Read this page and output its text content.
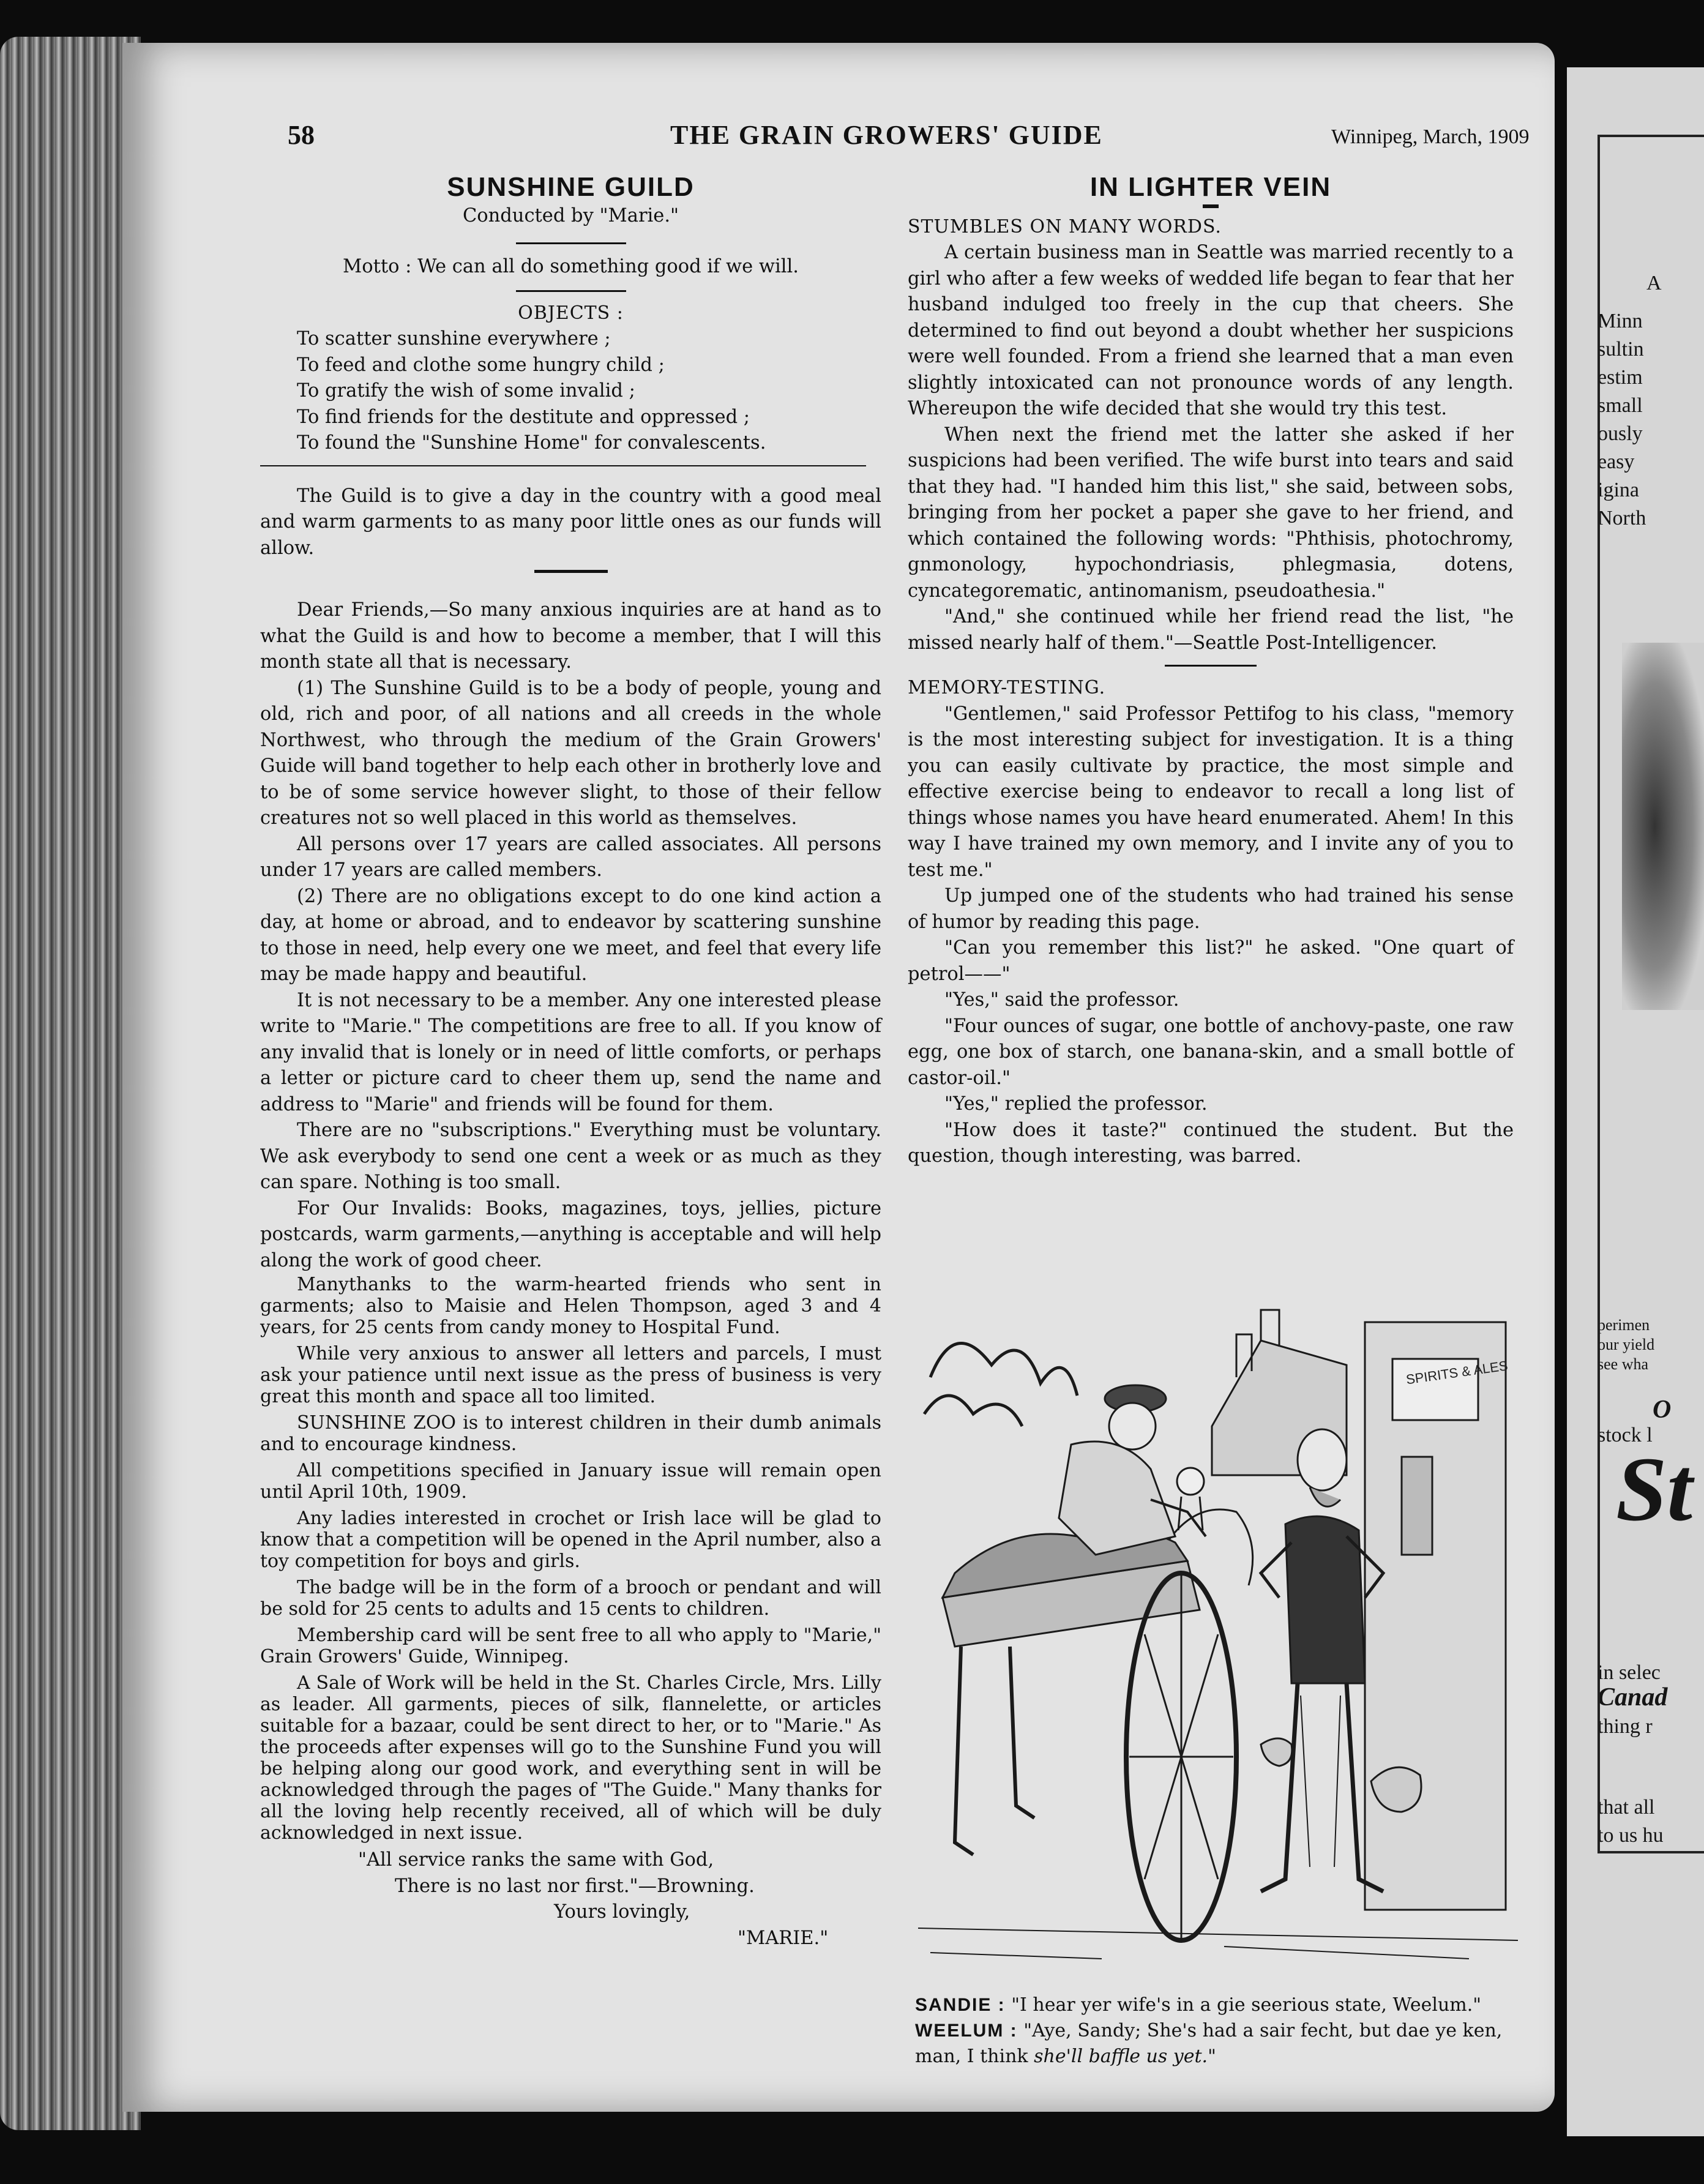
A
Minn
sultin
estim
small
ously
easy
igina
North
perimen
our yield
see wha
O
stock l
St
in selec
Canad
thing r
that all
to us hu
58	THE GRAIN GROWERS' GUIDE	Winnipeg, March, 1909
SUNSHINE GUILD

Conducted by "Marie."

Motto : We can all do something good if we will.

OBJECTS :

To scatter sunshine everywhere ;

To feed and clothe some hungry child ;

To gratify the wish of some invalid ;

To find friends for the destitute and oppressed ;

To found the "Sunshine Home" for convalescents.

The Guild is to give a day in the country with a good meal and warm garments to as many poor little ones as our funds will allow.

Dear Friends,—So many anxious inquiries are at hand as to what the Guild is and how to become a member, that I will this month state all that is necessary.

(1) The Sunshine Guild is to be a body of people, young and old, rich and poor, of all nations and all creeds in the whole Northwest, who through the medium of the Grain Growers' Guide will band together to help each other in brotherly love and to be of some service however slight, to those of their fellow creatures not so well placed in this world as themselves.

All persons over 17 years are called associates. All persons under 17 years are called members.

(2) There are no obligations except to do one kind action a day, at home or abroad, and to endeavor by scattering sunshine to those in need, help every one we meet, and feel that every life may be made happy and beautiful.

It is not necessary to be a member. Any one interested please write to "Marie." The competitions are free to all. If you know of any invalid that is lonely or in need of little comforts, or perhaps a letter or picture card to cheer them up, send the name and address to "Marie" and friends will be found for them.

There are no "subscriptions." Everything must be voluntary. We ask everybody to send one cent a week or as much as they can spare. Nothing is too small.

For Our Invalids: Books, magazines, toys, jellies, picture postcards, warm garments,—anything is acceptable and will help along the work of good cheer.

Manythanks to the warm-hearted friends who sent in garments; also to Maisie and Helen Thompson, aged 3 and 4 years, for 25 cents from candy money to Hospital Fund.

While very anxious to answer all letters and parcels, I must ask your patience until next issue as the press of business is very great this month and space all too limited.

SUNSHINE ZOO is to interest children in their dumb animals and to encourage kindness.

All competitions specified in January issue will remain open until April 10th, 1909.

Any ladies interested in crochet or Irish lace will be glad to know that a competition will be opened in the April number, also a toy competition for boys and girls.

The badge will be in the form of a brooch or pendant and will be sold for 25 cents to adults and 15 cents to children.

Membership card will be sent free to all who apply to "Marie," Grain Growers' Guide, Winnipeg.

A Sale of Work will be held in the St. Charles Circle, Mrs. Lilly as leader. All garments, pieces of silk, flannelette, or articles suitable for a bazaar, could be sent direct to her, or to "Marie." As the proceeds after expenses will go to the Sunshine Fund you will be helping along our good work, and everything sent in will be acknowledged through the pages of "The Guide." Many thanks for all the loving help recently received, all of which will be duly acknowledged in next issue.

"All service ranks the same with God,

There is no last nor first."—Browning.

Yours lovingly,

"MARIE."

IN LIGHTER VEIN

STUMBLES ON MANY WORDS.

A certain business man in Seattle was married recently to a girl who after a few weeks of wedded life began to fear that her husband indulged too freely in the cup that cheers. She determined to find out beyond a doubt whether her suspicions were well founded. From a friend she learned that a man even slightly intoxicated can not pronounce words of any length. Whereupon the wife decided that she would try this test.

When next the friend met the latter she asked if her suspicions had been verified. The wife burst into tears and said that they had. "I handed him this list," she said, between sobs, bringing from her pocket a paper she gave to her friend, and which contained the following words: "Phthisis, photochromy, gnmonology, hypochondriasis, phlegmasia, dotens, cyncategorematic, antinomanism, pseudoathesia."

"And," she continued while her friend read the list, "he missed nearly half of them."—Seattle Post-Intelligencer.

MEMORY-TESTING.

"Gentlemen," said Professor Pettifog to his class, "memory is the most interesting subject for investigation. It is a thing you can easily cultivate by practice, the most simple and effective exercise being to endeavor to recall a long list of things whose names you have heard enumerated. Ahem! In this way I have trained my own memory, and I invite any of you to test me."

Up jumped one of the students who had trained his sense of humor by reading this page.

"Can you remember this list?" he asked. "One quart of petrol——"

"Yes," said the professor.

"Four ounces of sugar, one bottle of anchovy-paste, one raw egg, one box of starch, one banana-skin, and a small bottle of castor-oil."

"Yes," replied the professor.

"How does it taste?" continued the student. But the question, though interesting, was barred.

SPIRITS & ALES
SANDIE : "I hear yer wife's in a gie seerious state, Weelum."
WEELUM : "Aye, Sandy; She's had a sair fecht, but dae ye ken, man, I think she'll baffle us yet."
